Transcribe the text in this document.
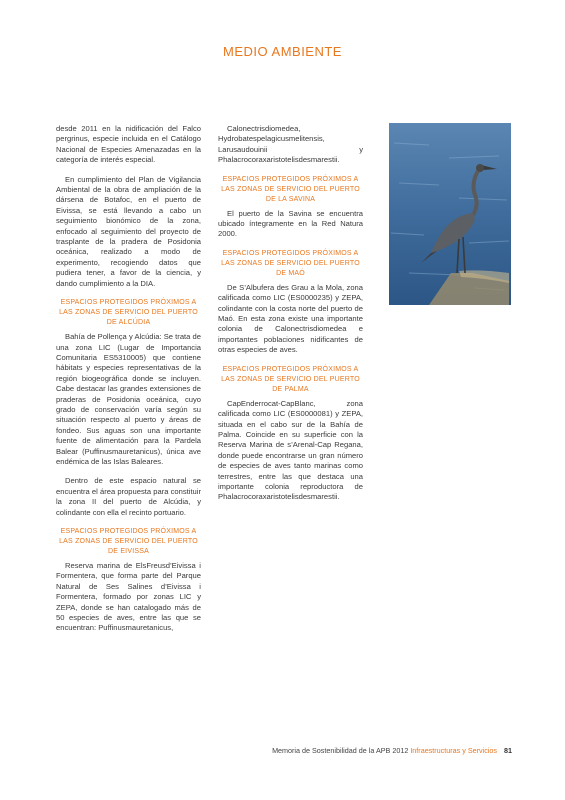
MEDIO AMBIENTE

desde 2011 en la nidificación del Falco pergrinus, especie incluida en el Catálogo Nacional de Especies Amenazadas en la categoría de interés especial.

En cumplimiento del Plan de Vigilancia Ambiental de la obra de ampliación de la dársena de Botafoc, en el puerto de Eivissa, se está llevando a cabo un seguimiento bionómico de la zona, enfocado al seguimiento del proyecto de trasplante de la pradera de Posidonia oceánica, realizado a modo de experimento, recogiendo datos que pudiera tener, a favor de la ciencia, y dando cumplimiento a la DIA.

ESPACIOS PROTEGIDOS PRÓXIMOS A LAS ZONAS DE SERVICIO DEL PUERTO DE ALCÚDIA

Bahía de Pollença y Alcúdia: Se trata de una zona LIC (Lugar de Importancia Comunitaria ES5310005) que contiene hábitats y especies representativas de la región biogeográfica donde se incluyen. Cabe destacar las grandes extensiones de praderas de Posidonia oceánica, cuyo grado de conservación varía según su situación respecto al puerto y áreas de fondeo. Sus aguas son una importante fuente de alimentación para la Pardela Balear (Puffinusmauretanicus), única ave endémica de las Islas Baleares.

Dentro de este espacio natural se encuentra el área propuesta para constituir la zona II del puerto de Alcúdia, y colindante con ella el recinto portuario.

ESPACIOS PROTEGIDOS PRÓXIMOS A LAS ZONAS DE SERVICIO DEL PUERTO DE EIVISSA

Reserva marina de ElsFreusd’Eivissa i Formentera, que forma parte del Parque Natural de Ses Salines d’Eivissa i Formentera, formado por zonas LIC y ZEPA, donde se han catalogado más de 50 especies de aves, entre las que se encuentran: Puffinusmauretanicus,

Calonectrisdiomedea, Hydrobatespelagicusmelitensis, Larusaudouinii y Phalacrocoraxaristotelisdesmarestii.

ESPACIOS PROTEGIDOS PRÓXIMOS A LAS ZONAS DE SERVICIO DEL PUERTO DE LA SAVINA

El puerto de la Savina se encuentra ubicado íntegramente en la Red Natura 2000.

ESPACIOS PROTEGIDOS PRÓXIMOS A LAS ZONAS DE SERVICIO DEL PUERTO DE MAÓ

De S’Albufera des Grau a la Mola, zona calificada como LIC (ES0000235) y ZEPA, colindante con la costa norte del puerto de Maó. En esta zona existe una importante colonia de Calonectrisdiomedea e importantes poblaciones nidificantes de otras especies de aves.

ESPACIOS PROTEGIDOS PRÓXIMOS A LAS ZONAS DE SERVICIO DEL PUERTO DE PALMA

CapEnderrocat-CapBlanc, zona calificada como LIC (ES0000081) y ZEPA, situada en el cabo sur de la Bahía de Palma. Coincide en su superficie con la Reserva Marina de s’Arenal-Cap Regana, donde puede encontrarse un gran número de especies de aves tanto marinas como terrestres, entre las que destaca una importante colonia reproductora de Phalacrocoraxaristotelisdesmarestii.

Memoria de Sostenibilidad de la APB 2012 Infraestructuras y Servicios 81
